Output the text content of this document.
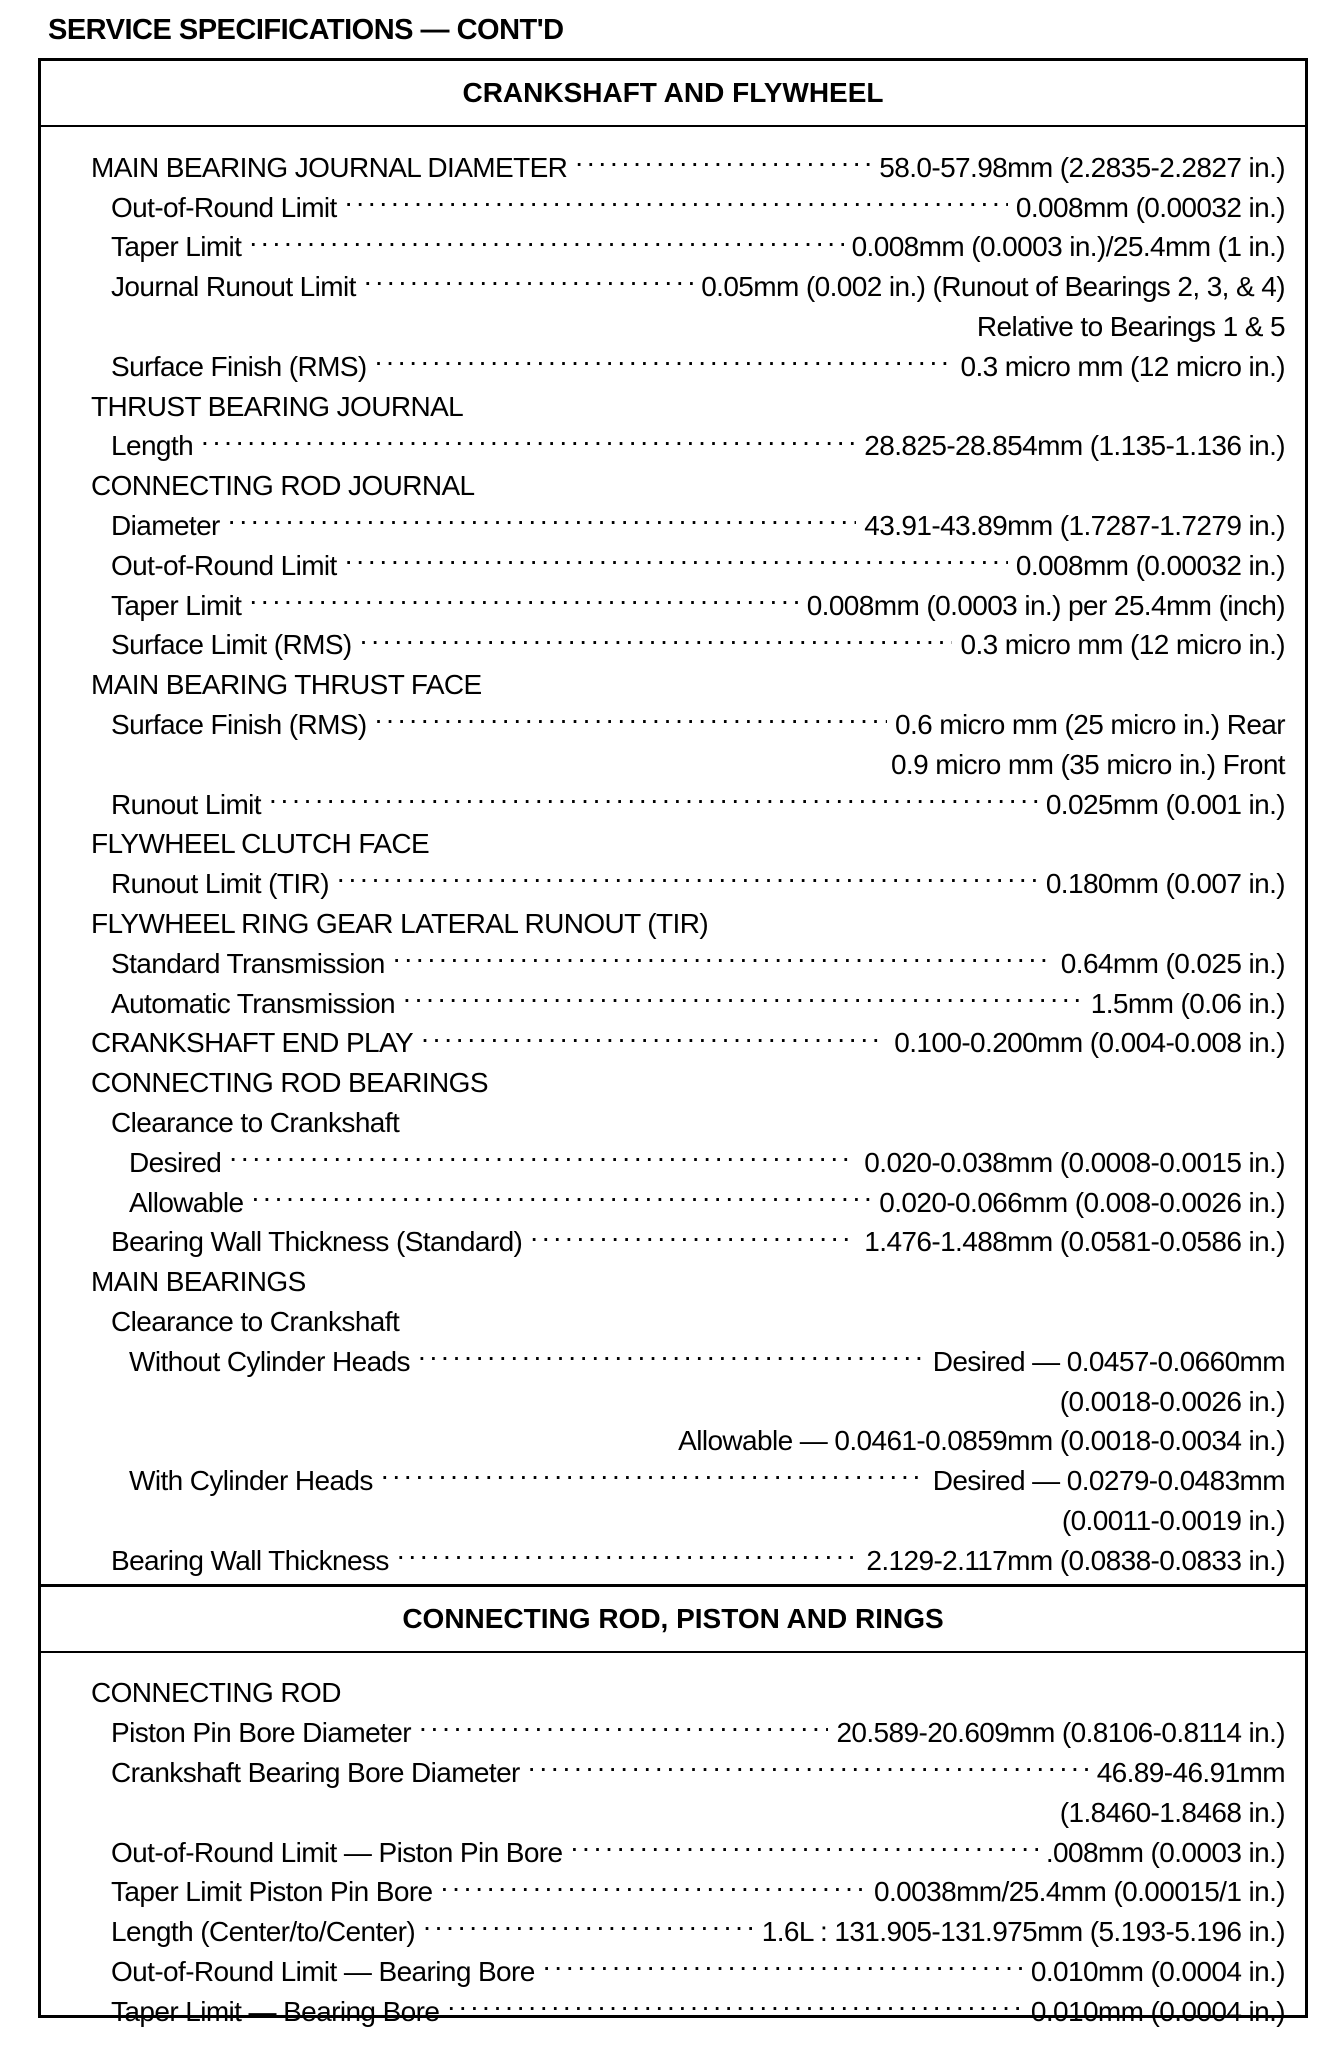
SERVICE SPECIFICATIONS — CONT'D
CRANKSHAFT AND FLYWHEEL
MAIN BEARING JOURNAL DIAMETER . . .	58.0-57.98mm (2.2835-2.2827 in.)
Out-of-Round Limit . . .	0.008mm (0.00032 in.)
Taper Limit . . .	0.008mm (0.0003 in.)/25.4mm (1 in.)
Journal Runout Limit . . .	0.05mm (0.002 in.) (Runout of Bearings 2, 3, & 4)
Relative to Bearings 1 & 5
Surface Finish (RMS) . . .	0.3 micro mm (12 micro in.)
THRUST BEARING JOURNAL
Length . . .	28.825-28.854mm (1.135-1.136 in.)
CONNECTING ROD JOURNAL
Diameter . . .	43.91-43.89mm (1.7287-1.7279 in.)
Out-of-Round Limit . . .	0.008mm (0.00032 in.)
Taper Limit . . .	0.008mm (0.0003 in.) per 25.4mm (inch)
Surface Limit (RMS) . . .	0.3 micro mm (12 micro in.)
MAIN BEARING THRUST FACE
Surface Finish (RMS) . . .	0.6 micro mm (25 micro in.) Rear
0.9 micro mm (35 micro in.) Front
Runout Limit . . .	0.025mm (0.001 in.)
FLYWHEEL CLUTCH FACE
Runout Limit (TIR) . . .	0.180mm (0.007 in.)
FLYWHEEL RING GEAR LATERAL RUNOUT (TIR)
Standard Transmission . . .	0.64mm (0.025 in.)
Automatic Transmission . . .	1.5mm (0.06 in.)
CRANKSHAFT END PLAY . . .	0.100-0.200mm (0.004-0.008 in.)
CONNECTING ROD BEARINGS
Clearance to Crankshaft
Desired . . .	0.020-0.038mm (0.0008-0.0015 in.)
Allowable . . .	0.020-0.066mm (0.008-0.0026 in.)
Bearing Wall Thickness (Standard) . . .	1.476-1.488mm (0.0581-0.0586 in.)
MAIN BEARINGS
Clearance to Crankshaft
Without Cylinder Heads . . .	Desired — 0.0457-0.0660mm
(0.0018-0.0026 in.)
Allowable — 0.0461-0.0859mm (0.0018-0.0034 in.)
With Cylinder Heads . . .	Desired — 0.0279-0.0483mm
(0.0011-0.0019 in.)
Bearing Wall Thickness . . .	2.129-2.117mm (0.0838-0.0833 in.)
CONNECTING ROD, PISTON AND RINGS
CONNECTING ROD
Piston Pin Bore Diameter . . .	20.589-20.609mm (0.8106-0.8114 in.)
Crankshaft Bearing Bore Diameter . . .	46.89-46.91mm
(1.8460-1.8468 in.)
Out-of-Round Limit — Piston Pin Bore . . .	.008mm (0.0003 in.)
Taper Limit Piston Pin Bore . . .	0.0038mm/25.4mm (0.00015/1 in.)
Length (Center/to/Center) . . .	1.6L : 131.905-131.975mm (5.193-5.196 in.)
Out-of-Round Limit — Bearing Bore . . .	0.010mm (0.0004 in.)
Taper Limit — Bearing Bore . . .	0.010mm (0.0004 in.)
